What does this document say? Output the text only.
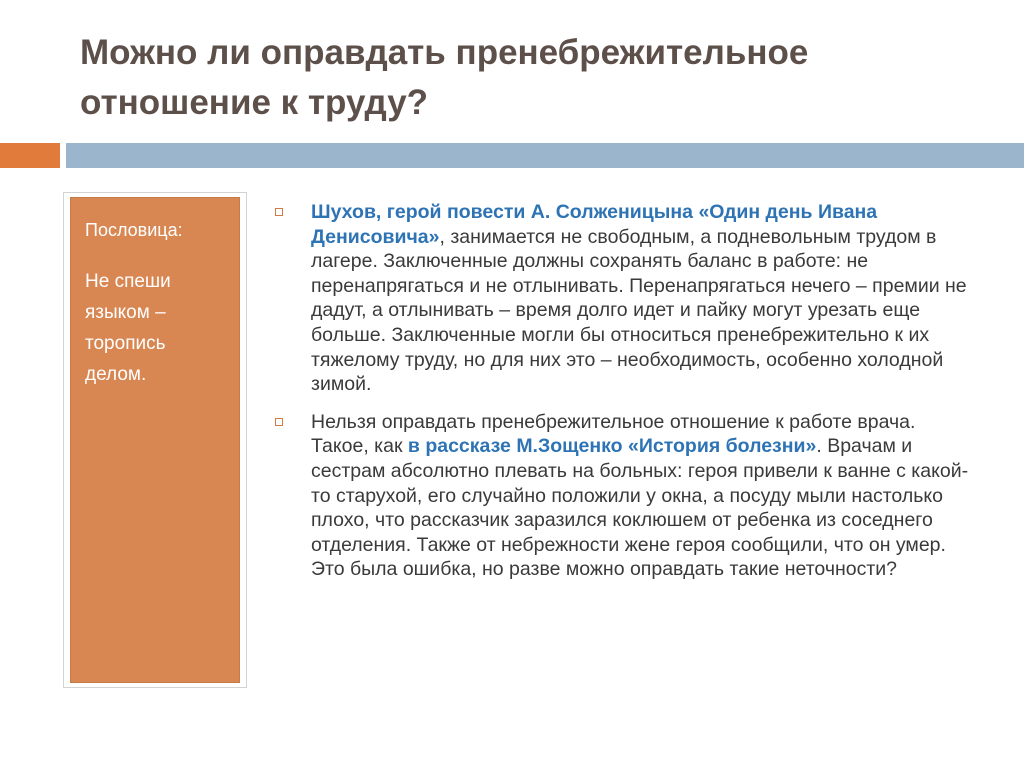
Можно ли оправдать пренебрежительное
отношение к труду?
Пословица:
Не спеши
языком –
торопись
делом.
Шухов, герой повести А. Солженицына «Один день Ивана Денисовича», занимается не свободным, а подневольным трудом в лагере. Заключенные должны сохранять баланс в работе: не перенапрягаться и не отлынивать. Перенапрягаться нечего – премии не дадут, а отлынивать – время долго идет и пайку могут урезать еще больше. Заключенные могли бы относиться пренебрежительно к их тяжелому труду, но для них это – необходимость, особенно холодной зимой.
Нельзя оправдать пренебрежительное отношение к работе врача. Такое, как в рассказе М.Зощенко «История болезни». Врачам и сестрам абсолютно плевать на больных: героя привели к ванне с какой-то старухой, его случайно положили у окна, а посуду мыли настолько плохо, что рассказчик заразился коклюшем от ребенка из соседнего отделения. Также от небрежности жене героя сообщили, что он умер. Это была ошибка, но разве можно оправдать такие неточности?
